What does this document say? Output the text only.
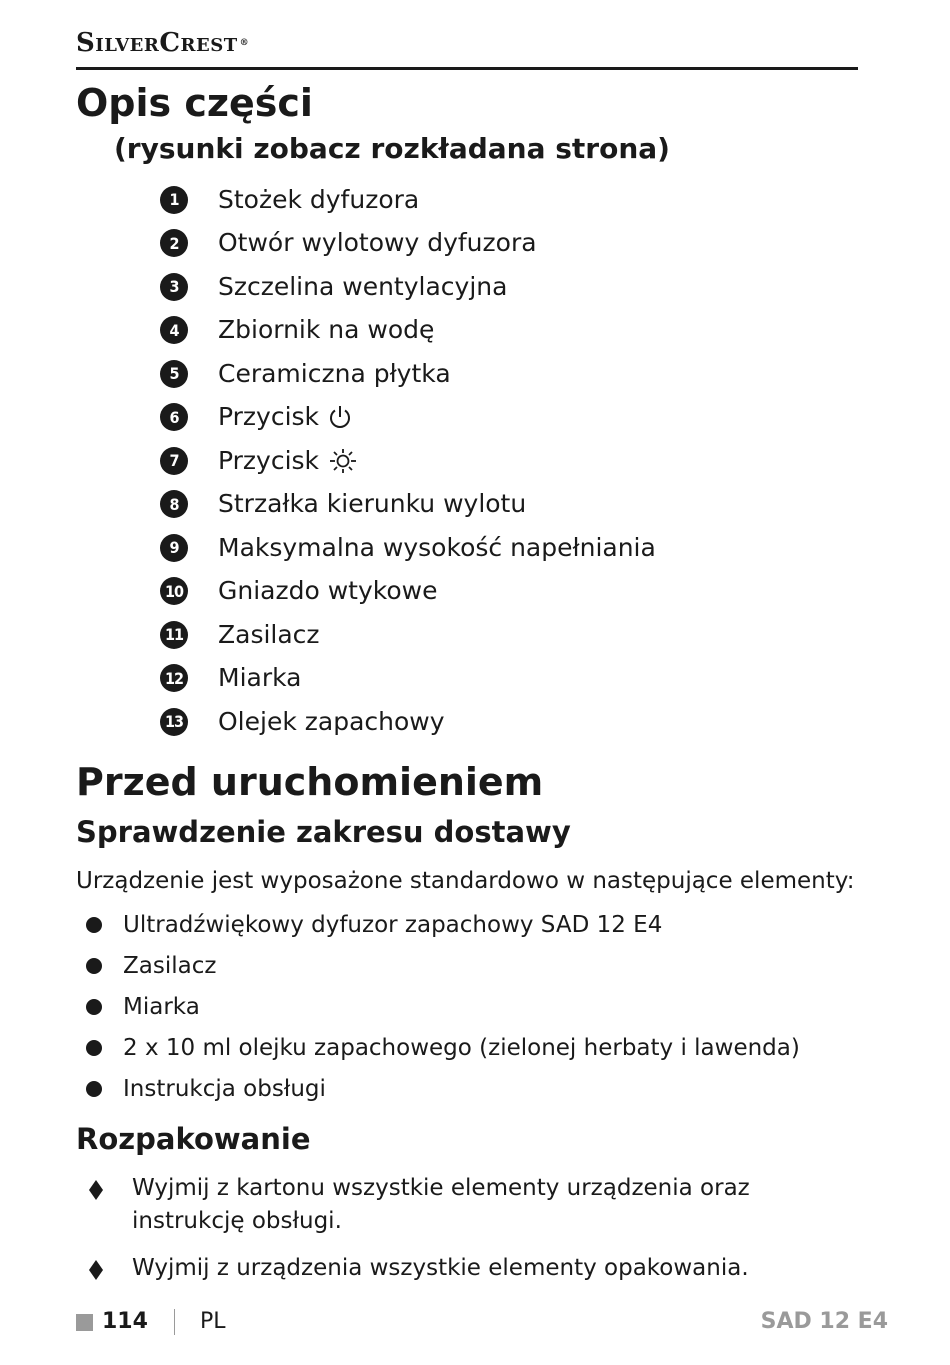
SilverCrest ®
Opis części
(rysunki zobacz rozkładana strona)
1	Stożek dyfuzora
2	Otwór wylotowy dyfuzora
3	Szczelina wentylacyjna
4	Zbiornik na wodę
5	Ceramiczna płytka
6	Przycisk
7	Przycisk
8	Strzałka kierunku wylotu
9	Maksymalna wysokość napełniania
10 Gniazdo wtykowe
11 Zasilacz
12 Miarka
13 Olejek zapachowy
Przed uruchomieniem
Sprawdzenie zakresu dostawy

Urządzenie jest wyposażone standardowo w następujące elementy:

Ultradźwiękowy dyfuzor zapachowy SAD 12 E4
Zasilacz
Miarka
2 x 10 ml olejku zapachowego (zielonej herbaty i lawenda)
Instrukcja obsługi
Rozpakowanie
Wyjmij z kartonu wszystkie elementy urządzenia oraz instrukcję obsługi.
Wyjmij z urządzenia wszystkie elementy opakowania.
114 PL	SAD 12 E4
